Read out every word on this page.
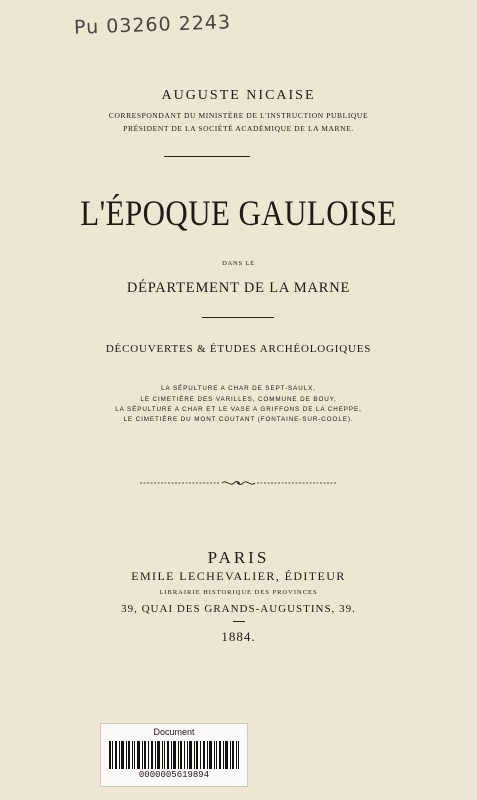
Pu 03260 2243
AUGUSTE NICAISE
CORRESPONDANT DU MINISTÈRE DE L'INSTRUCTION PUBLIQUE
PRÉSIDENT DE LA SOCIÉTÉ ACADÉMIQUE DE LA MARNE.
L'ÉPOQUE GAULOISE
DANS LE
DÉPARTEMENT DE LA MARNE
DÉCOUVERTES & ÉTUDES ARCHÉOLOGIQUES
LA SÉPULTURE A CHAR DE SEPT-SAULX,
LE CIMETIÈRE DES VARILLES, COMMUNE DE BOUY,
LA SÉPULTURE A CHAR ET LE VASE A GRIFFONS DE LA CHEPPE,
LE CIMETIÈRE DU MONT COUTANT (FONTAINE-SUR-COOLE).
PARIS
EMILE LECHEVALIER, ÉDITEUR
LIBRAIRIE HISTORIQUE DES PROVINCES
39, QUAI DES GRANDS-AUGUSTINS, 39.
1884.
Document
0000005619894
